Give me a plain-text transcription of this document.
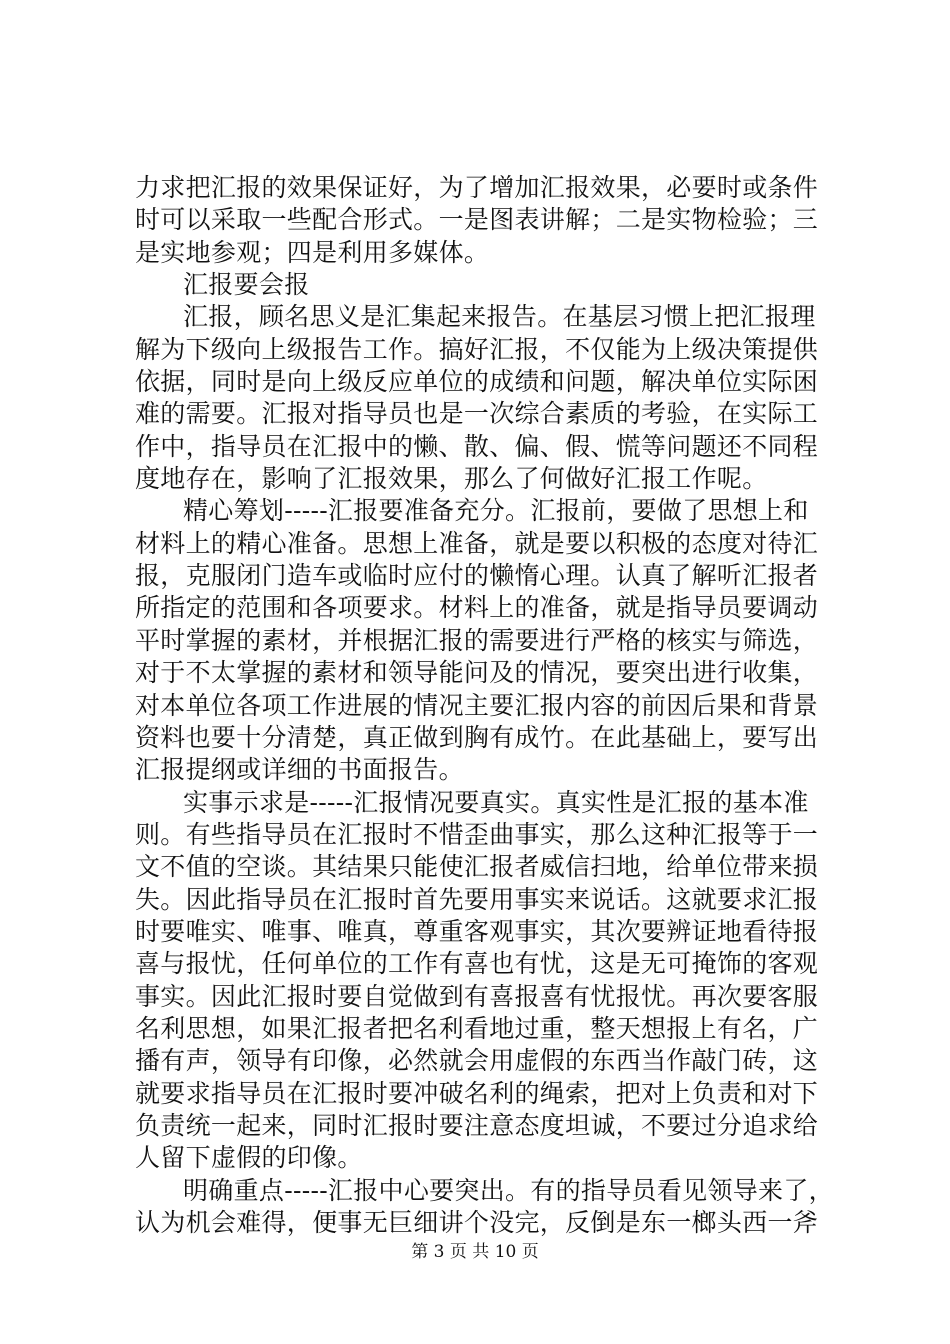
力求把汇报的效果保证好，为了增加汇报效果，必要时或条件
时可以采取一些配合形式。一是图表讲解；二是实物检验；三
是实地参观；四是利用多媒体。
汇报要会报
汇报，顾名思义是汇集起来报告。在基层习惯上把汇报理
解为下级向上级报告工作。搞好汇报，不仅能为上级决策提供
依据，同时是向上级反应单位的成绩和问题，解决单位实际困
难的需要。汇报对指导员也是一次综合素质的考验，在实际工
作中，指导员在汇报中的懒、散、偏、假、慌等问题还不同程
度地存在，影响了汇报效果，那么了何做好汇报工作呢。
精心筹划-----汇报要准备充分。汇报前，要做了思想上和
材料上的精心准备。思想上准备，就是要以积极的态度对待汇
报，克服闭门造车或临时应付的懒惰心理。认真了解听汇报者
所指定的范围和各项要求。材料上的准备，就是指导员要调动
平时掌握的素材，并根据汇报的需要进行严格的核实与筛选，
对于不太掌握的素材和领导能问及的情况，要突出进行收集，
对本单位各项工作进展的情况主要汇报内容的前因后果和背景
资料也要十分清楚，真正做到胸有成竹。在此基础上，要写出
汇报提纲或详细的书面报告。
实事示求是-----汇报情况要真实。真实性是汇报的基本准
则。有些指导员在汇报时不惜歪曲事实，那么这种汇报等于一
文不值的空谈。其结果只能使汇报者威信扫地，给单位带来损
失。因此指导员在汇报时首先要用事实来说话。这就要求汇报
时要唯实、唯事、唯真，尊重客观事实，其次要辨证地看待报
喜与报忧，任何单位的工作有喜也有忧，这是无可掩饰的客观
事实。因此汇报时要自觉做到有喜报喜有忧报忧。再次要客服
名利思想，如果汇报者把名利看地过重，整天想报上有名，广
播有声，领导有印像，必然就会用虚假的东西当作敲门砖，这
就要求指导员在汇报时要冲破名利的绳索，把对上负责和对下
负责统一起来，同时汇报时要注意态度坦诚，不要过分追求给
人留下虚假的印像。
明确重点-----汇报中心要突出。有的指导员看见领导来了，
认为机会难得，便事无巨细讲个没完，反倒是东一榔头西一斧
第 3 页 共 10 页
